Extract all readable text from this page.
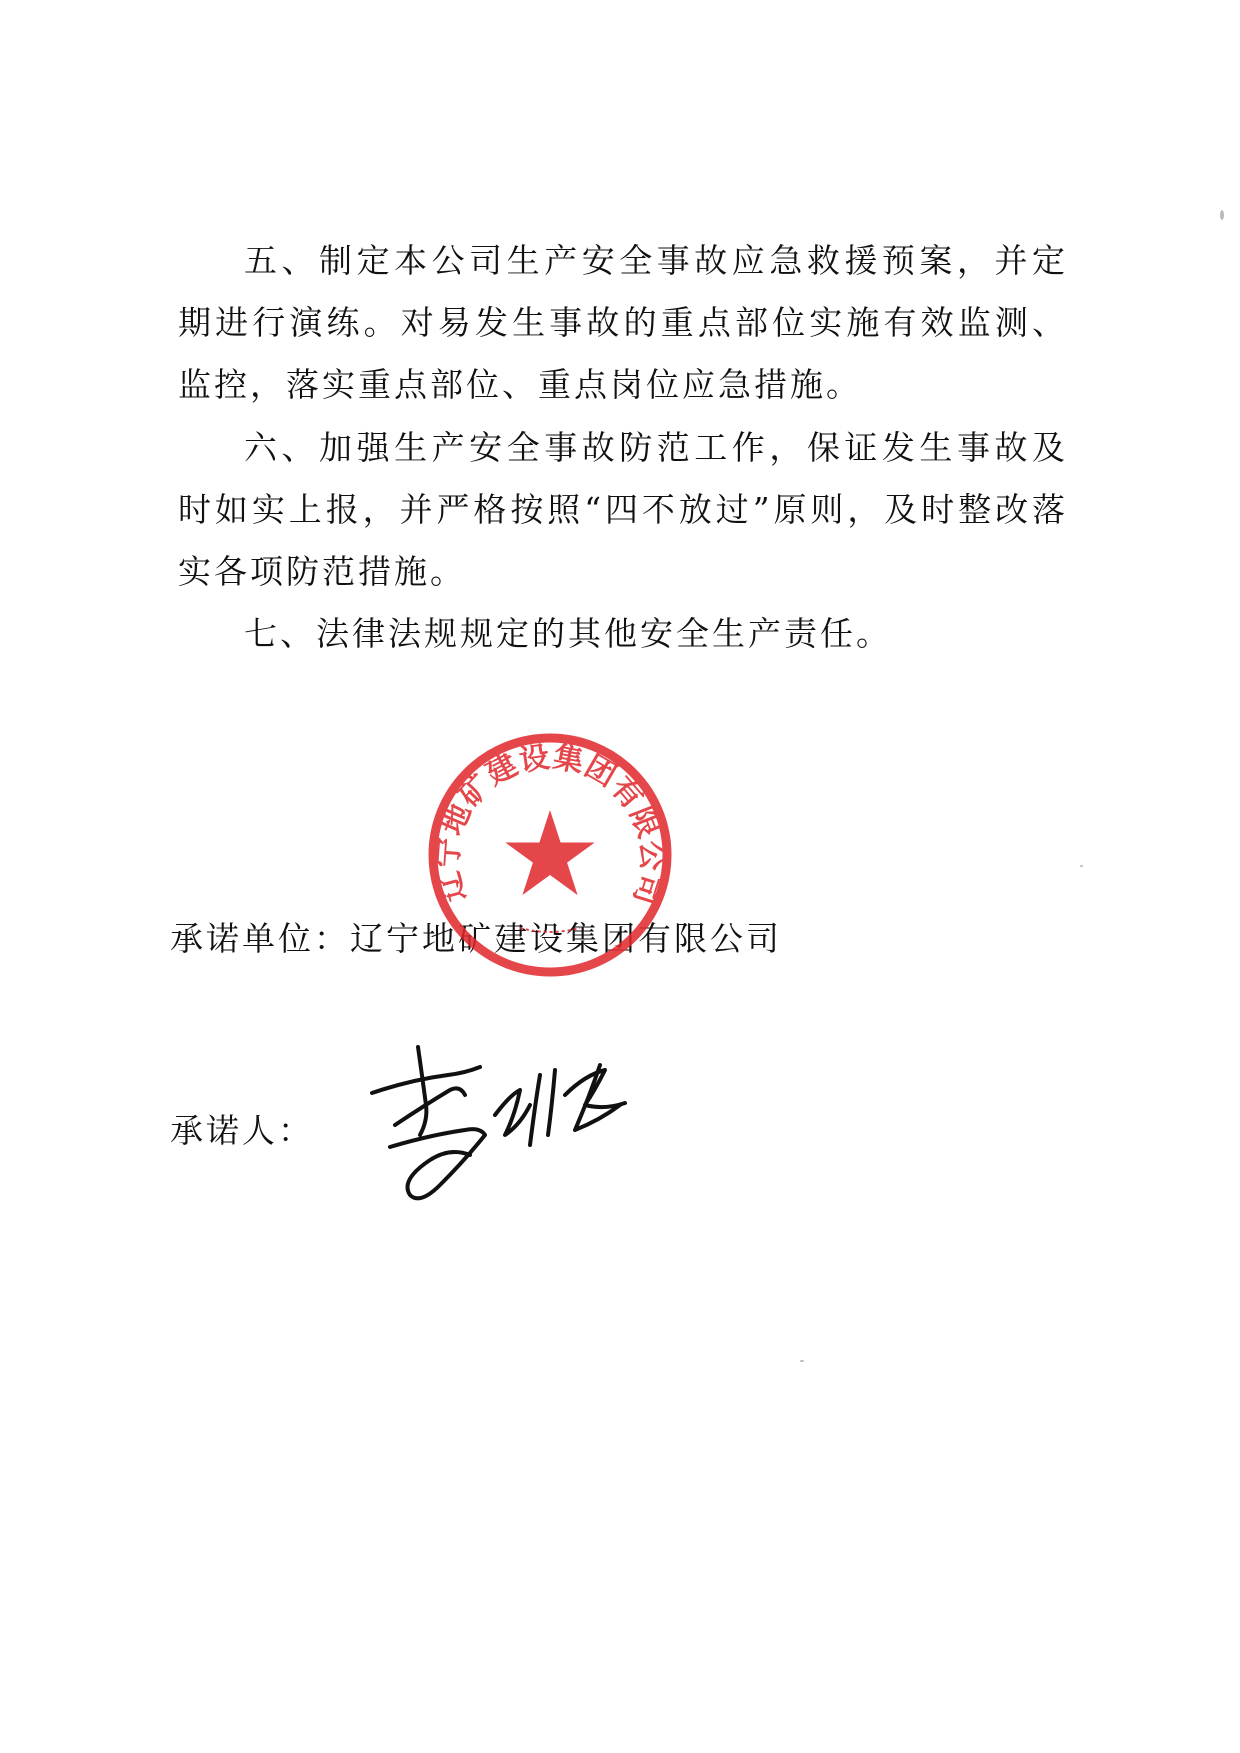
五、制定本公司生产安全事故应急救援预案，并定期进行演练。对易发生事故的重点部位实施有效监测、监控，落实重点部位、重点岗位应急措施。

六、加强生产安全事故防范工作，保证发生事故及时如实上报，并严格按照“四不放过”原则，及时整改落实各项防范措施。

七、法律法规规定的其他安全生产责任。

承诺单位：辽宁地矿建设集团有限公司
辽宁地矿建设集团有限公司
承诺人：
